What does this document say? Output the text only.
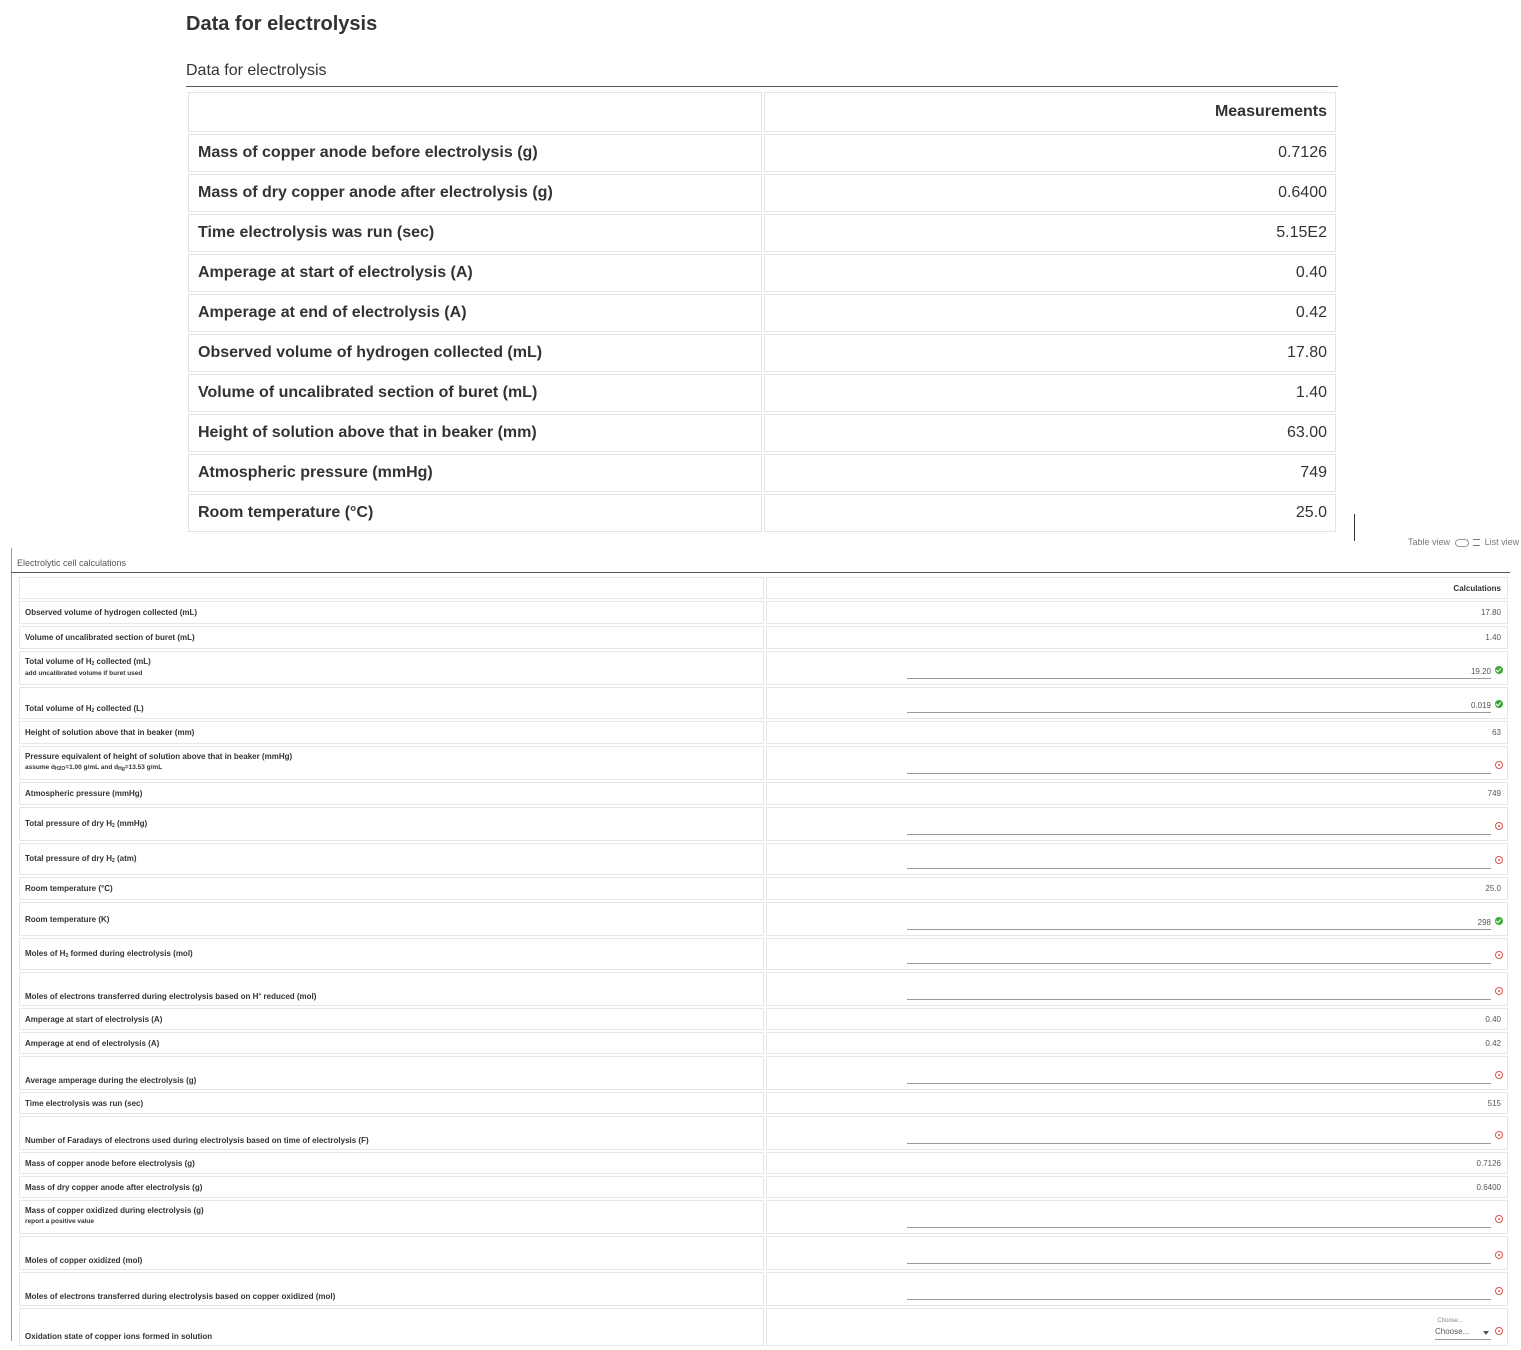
Data for electrolysis
Data for electrolysis
	Measurements
Mass of copper anode before electrolysis (g)	0.7126
Mass of dry copper anode after electrolysis (g)	0.6400
Time electrolysis was run (sec)	5.15E2
Amperage at start of electrolysis (A)	0.40
Amperage at end of electrolysis (A)	0.42
Observed volume of hydrogen collected (mL)	17.80
Volume of uncalibrated section of buret (mL)	1.40
Height of solution above that in beaker (mm)	63.00
Atmospheric pressure (mmHg)	749
Room temperature (°C)	25.0
Table view	List view
Electrolytic cell calculations
	Calculations
Observed volume of hydrogen collected (mL)	17.80
Volume of uncalibrated section of buret (mL)	1.40
Total volume of $H_2$ collected (mL)
add uncalibrated volume if buret used	19.20

Total volume of $H_2$ collected (L)	0.019

Height of solution above that in beaker (mm)	63
Pressure equivalent of height of solution above that in beaker (mmHg)
assume $d_{H2O}=1.00$ g/mL and $d_{Hg}=13.53$ g/mL	

Atmospheric pressure (mmHg)	749
Total pressure of dry $H_2$ (mmHg)	

Total pressure of dry $H_2$ (atm)	

Room temperature (°C)	25.0
Room temperature (K)	298

Moles of $H_2$ formed during electrolysis (mol)	

Moles of electrons transferred during electrolysis based on H+ reduced (mol)	

Amperage at start of electrolysis (A)	0.40
Amperage at end of electrolysis (A)	0.42
Average amperage during the electrolysis (g)	

Time electrolysis was run (sec)	515
Number of Faradays of electrons used during electrolysis based on time of electrolysis (F)	

Mass of copper anode before electrolysis (g)	0.7126
Mass of dry copper anode after electrolysis (g)	0.6400
Mass of copper oxidized during electrolysis (g)
report a positive value	

Moles of copper oxidized (mol)	

Moles of electrons transferred during electrolysis based on copper oxidized (mol)	

Oxidation state of copper ions formed in solution	Choose...
Choose...
